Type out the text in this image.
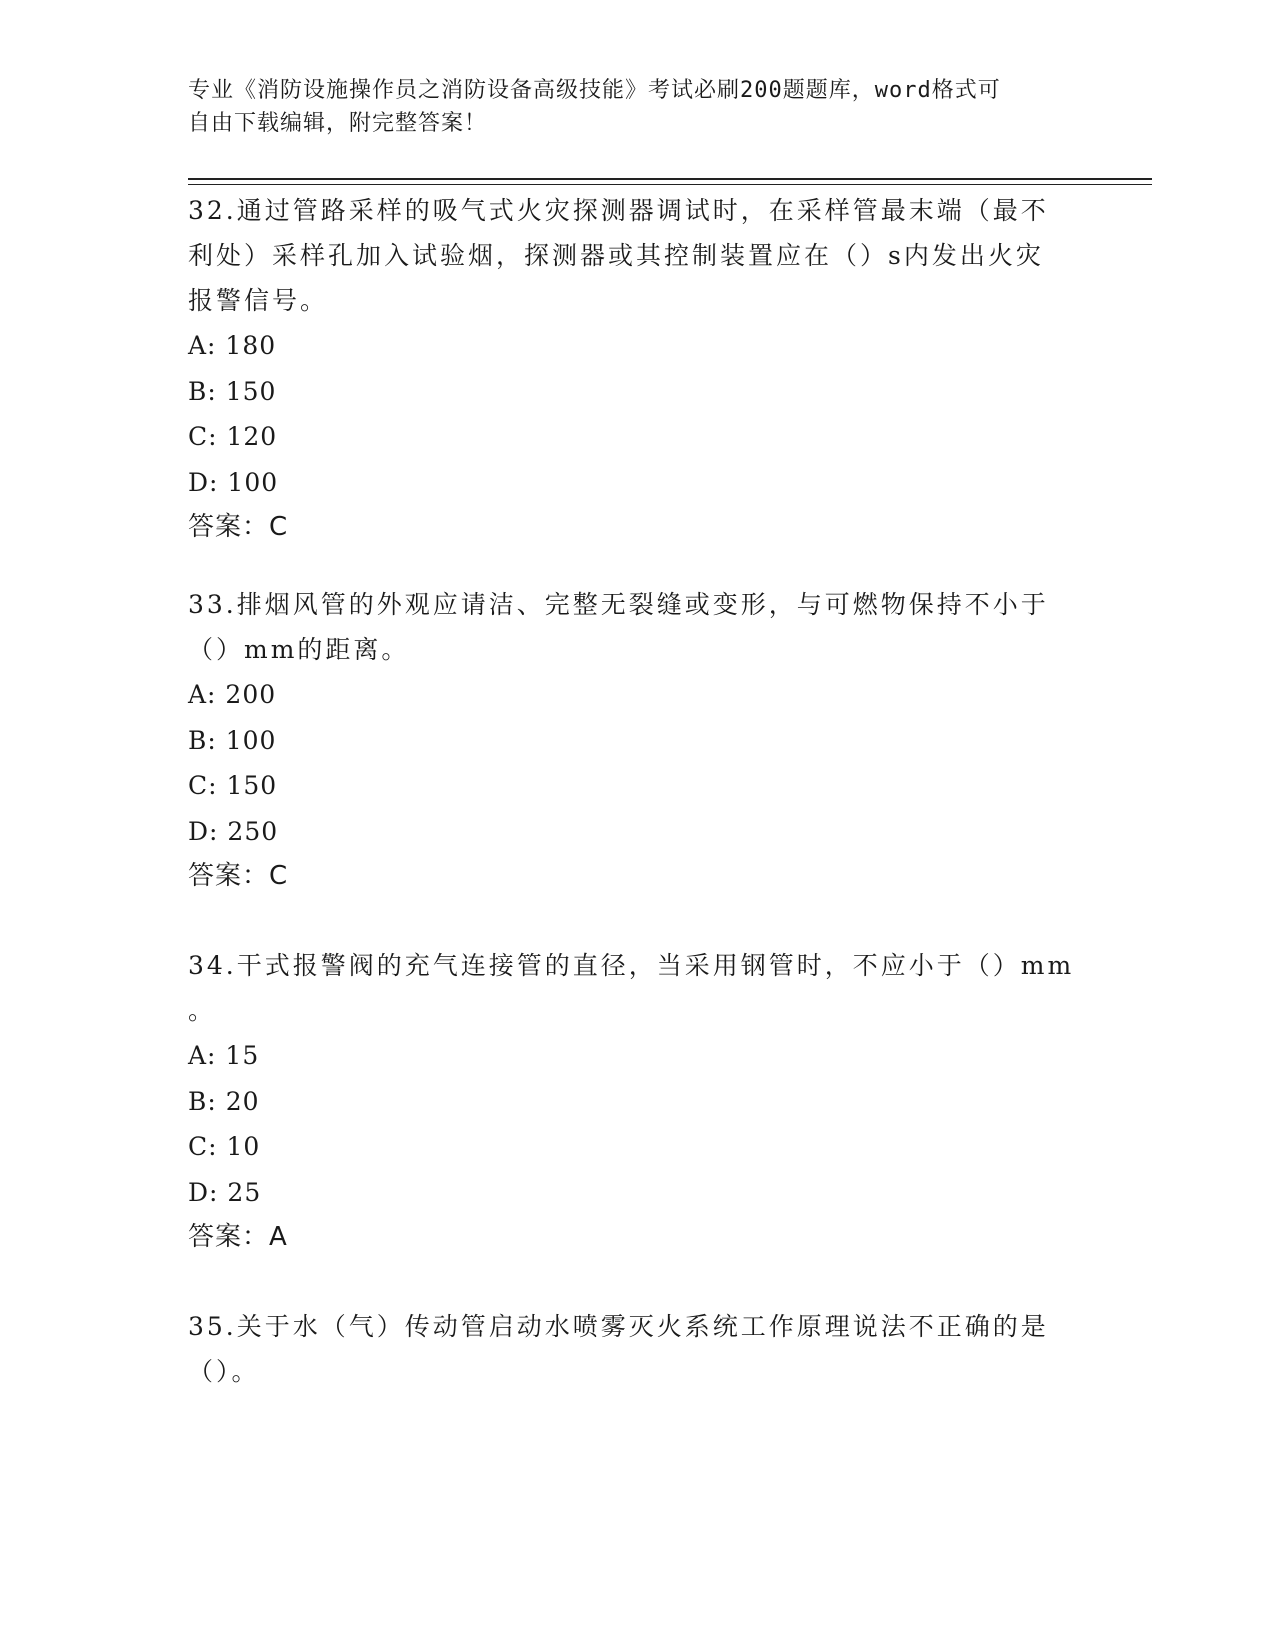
专业《消防设施操作员之消防设备高级技能》考试必刷200题题库，word格式可
自由下载编辑，附完整答案！

32.通过管路采样的吸气式火灾探测器调试时，在采样管最末端（最不

利处）采样孔加入试验烟，探测器或其控制装置应在（）s内发出火灾

报警信号。

A: 180

B: 150

C: 120

D: 100

答案：C

33.排烟风管的外观应请洁、完整无裂缝或变形，与可燃物保持不小于

（）mm的距离。

A: 200

B: 100

C: 150

D: 250

答案：C

34.干式报警阀的充气连接管的直径，当采用钢管时，不应小于（）mm

。

A: 15

B: 20

C: 10

D: 25

答案：A

35.关于水（气）传动管启动水喷雾灭火系统工作原理说法不正确的是

（）。
